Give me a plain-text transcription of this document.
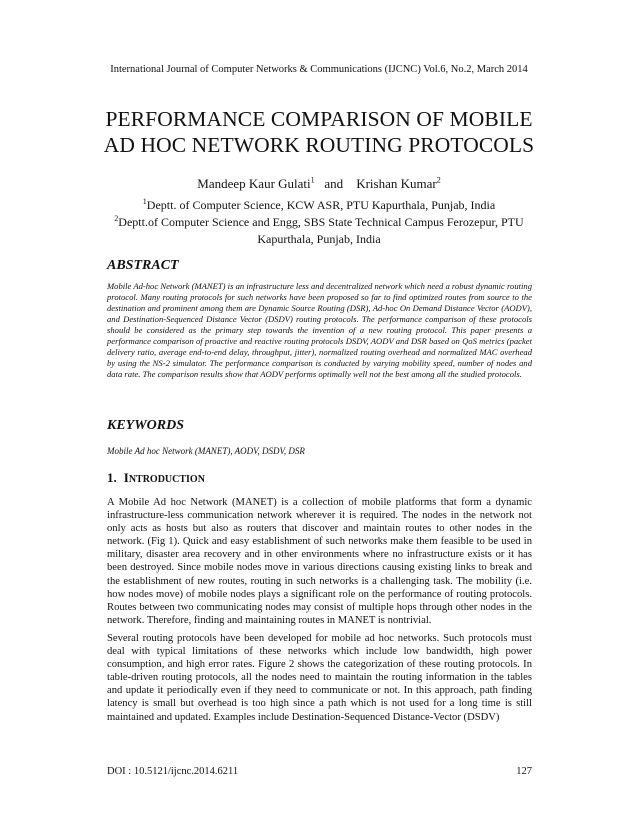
International Journal of Computer Networks & Communications (IJCNC) Vol.6, No.2, March 2014
PERFORMANCE COMPARISON OF MOBILE
AD HOC NETWORK ROUTING PROTOCOLS
Mandeep Kaur Gulati$^1$ and Krishan Kumar$^2$
$^1$Deptt. of Computer Science, KCW ASR, PTU Kapurthala, Punjab, India
$^2$Deptt.of Computer Science and Engg, SBS State Technical Campus Ferozepur, PTU
Kapurthala, Punjab, India
ABSTRACT

Mobile Ad-hoc Network (MANET) is an infrastructure less and decentralized network which need a robust dynamic routing protocol. Many routing protocols for such networks have been proposed so far to find optimized routes from source to the destination and prominent among them are Dynamic Source Routing (DSR), Ad-hoc On Demand Distance Vector (AODV), and Destination-Sequenced Distance Vector (DSDV) routing protocols. The performance comparison of these protocols should be considered as the primary step towards the invention of a new routing protocol. This paper presents a performance comparison of proactive and reactive routing protocols DSDV, AODV and DSR based on QoS metrics (packet delivery ratio, average end-to-end delay, throughput, jitter), normalized routing overhead and normalized MAC overhead by using the NS-2 simulator. The performance comparison is conducted by varying mobility speed, number of nodes and data rate. The comparison results show that AODV performs optimally well not the best among all the studied protocols.

KEYWORDS

Mobile Ad hoc Network (MANET), AODV, DSDV, DSR

1. INTRODUCTION

A Mobile Ad hoc Network (MANET) is a collection of mobile platforms that form a dynamic infrastructure-less communication network wherever it is required. The nodes in the network not only acts as hosts but also as routers that discover and maintain routes to other nodes in the network. (Fig 1). Quick and easy establishment of such networks make them feasible to be used in military, disaster area recovery and in other environments where no infrastructure exists or it has been destroyed. Since mobile nodes move in various directions causing existing links to break and the establishment of new routes, routing in such networks is a challenging task. The mobility (i.e. how nodes move) of mobile nodes plays a significant role on the performance of routing protocols. Routes between two communicating nodes may consist of multiple hops through other nodes in the network. Therefore, finding and maintaining routes in MANET is nontrivial.

Several routing protocols have been developed for mobile ad hoc networks. Such protocols must deal with typical limitations of these networks which include low bandwidth, high power consumption, and high error rates. Figure 2 shows the categorization of these routing protocols. In table-driven routing protocols, all the nodes need to maintain the routing information in the tables and update it periodically even if they need to communicate or not. In this approach, path finding latency is small but overhead is too high since a path which is not used for a long time is still maintained and updated. Examples include Destination-Sequenced Distance-Vector (DSDV)

DOI : 10.5121/ijcnc.2014.6211	127
